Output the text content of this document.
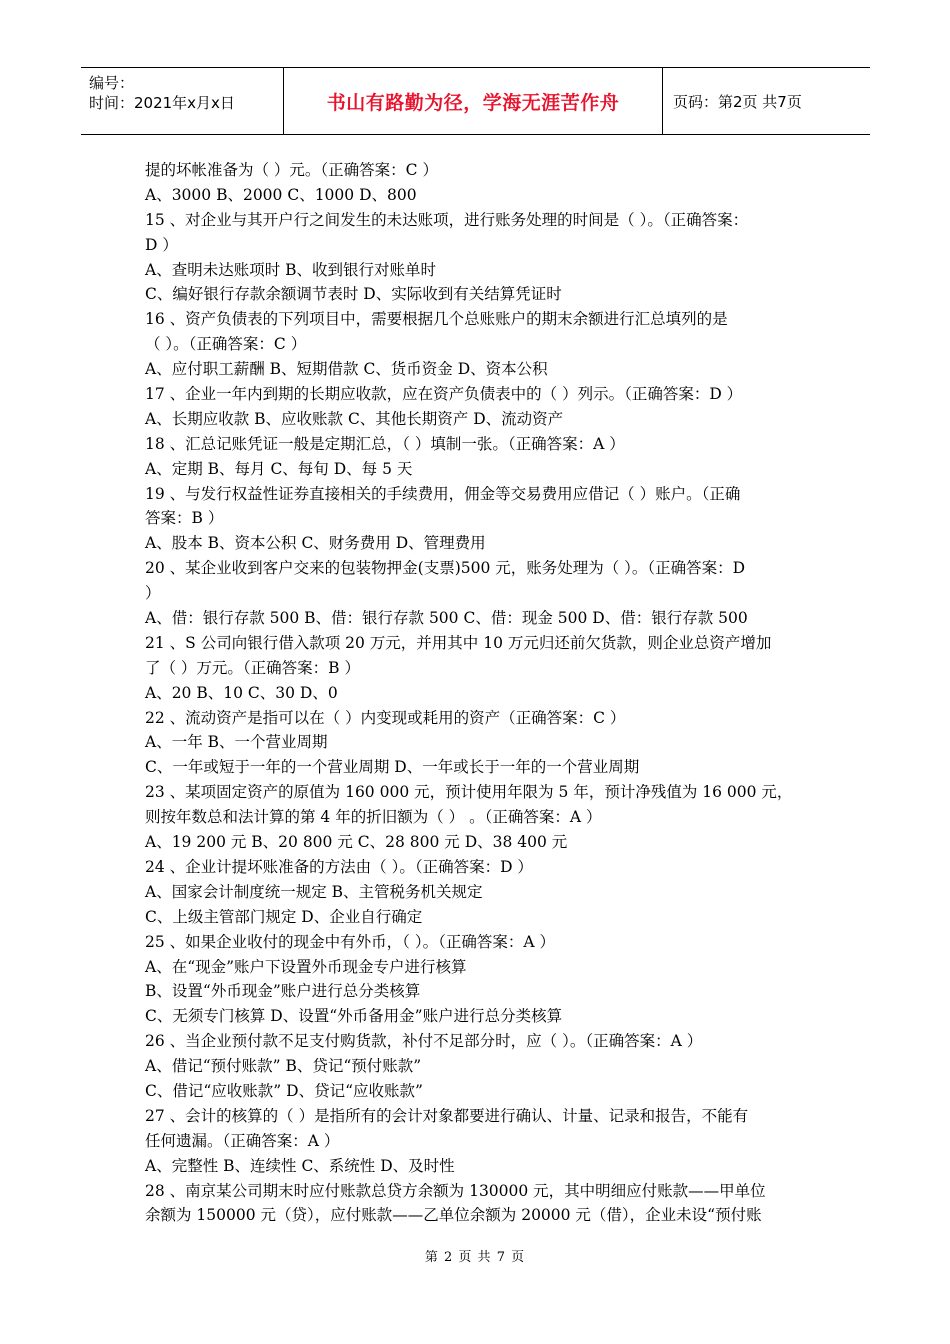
编号：
时间：2021年x月x日	书山有路勤为径，学海无涯苦作舟	页码：第2页 共7页
提的坏帐准备为（ ）元。（正确答案：C ）
A、3000 B、2000 C、1000 D、800
15 、对企业与其开户行之间发生的未达账项，进行账务处理的时间是（ ）。（正确答案：
D ）
A、查明未达账项时 B、收到银行对账单时
C、编好银行存款余额调节表时 D、实际收到有关结算凭证时
16 、资产负债表的下列项目中，需要根据几个总账账户的期末余额进行汇总填列的是
（ ）。（正确答案：C ）
A、应付职工薪酬 B、短期借款 C、货币资金 D、资本公积
17 、企业一年内到期的长期应收款，应在资产负债表中的（ ）列示。（正确答案：D ）
A、长期应收款 B、应收账款 C、其他长期资产 D、流动资产
18 、汇总记账凭证一般是定期汇总，（ ）填制一张。（正确答案：A ）
A、定期 B、每月 C、每旬 D、每 5 天
19 、与发行权益性证券直接相关的手续费用，佣金等交易费用应借记（ ）账户。（正确
答案：B ）
A、股本 B、资本公积 C、财务费用 D、管理费用
20 、某企业收到客户交来的包装物押金(支票)500 元，账务处理为（ ）。（正确答案：D
）
A、借：银行存款 500 B、借：银行存款 500 C、借：现金 500 D、借：银行存款 500
21 、S 公司向银行借入款项 20 万元，并用其中 10 万元归还前欠货款，则企业总资产增加
了（ ）万元。（正确答案：B ）
A、20 B、10 C、30 D、0
22 、流动资产是指可以在（ ）内变现或耗用的资产（正确答案：C ）
A、一年 B、一个营业周期
C、一年或短于一年的一个营业周期 D、一年或长于一年的一个营业周期
23 、某项固定资产的原值为 160 000 元，预计使用年限为 5 年，预计净残值为 16 000 元，
则按年数总和法计算的第 4 年的折旧额为（ ） 。（正确答案：A ）
A、19 200 元 B、20 800 元 C、28 800 元 D、38 400 元
24 、企业计提坏账准备的方法由（ ）。（正确答案：D ）
A、国家会计制度统一规定 B、主管税务机关规定
C、上级主管部门规定 D、企业自行确定
25 、如果企业收付的现金中有外币，（ ）。（正确答案：A ）
A、在“现金”账户下设置外币现金专户进行核算
B、设置“外币现金”账户进行总分类核算
C、无须专门核算 D、设置“外币备用金”账户进行总分类核算
26 、当企业预付款不足支付购货款，补付不足部分时，应（ ）。（正确答案：A ）
A、借记“预付账款” B、贷记“预付账款”
C、借记“应收账款” D、贷记“应收账款”
27 、会计的核算的（ ）是指所有的会计对象都要进行确认、计量、记录和报告，不能有
任何遗漏。（正确答案：A ）
A、完整性 B、连续性 C、系统性 D、及时性
28 、南京某公司期末时应付账款总贷方余额为 130000 元，其中明细应付账款——甲单位
余额为 150000 元（贷），应付账款——乙单位余额为 20000 元（借），企业未设“预付账
第 2 页 共 7 页
